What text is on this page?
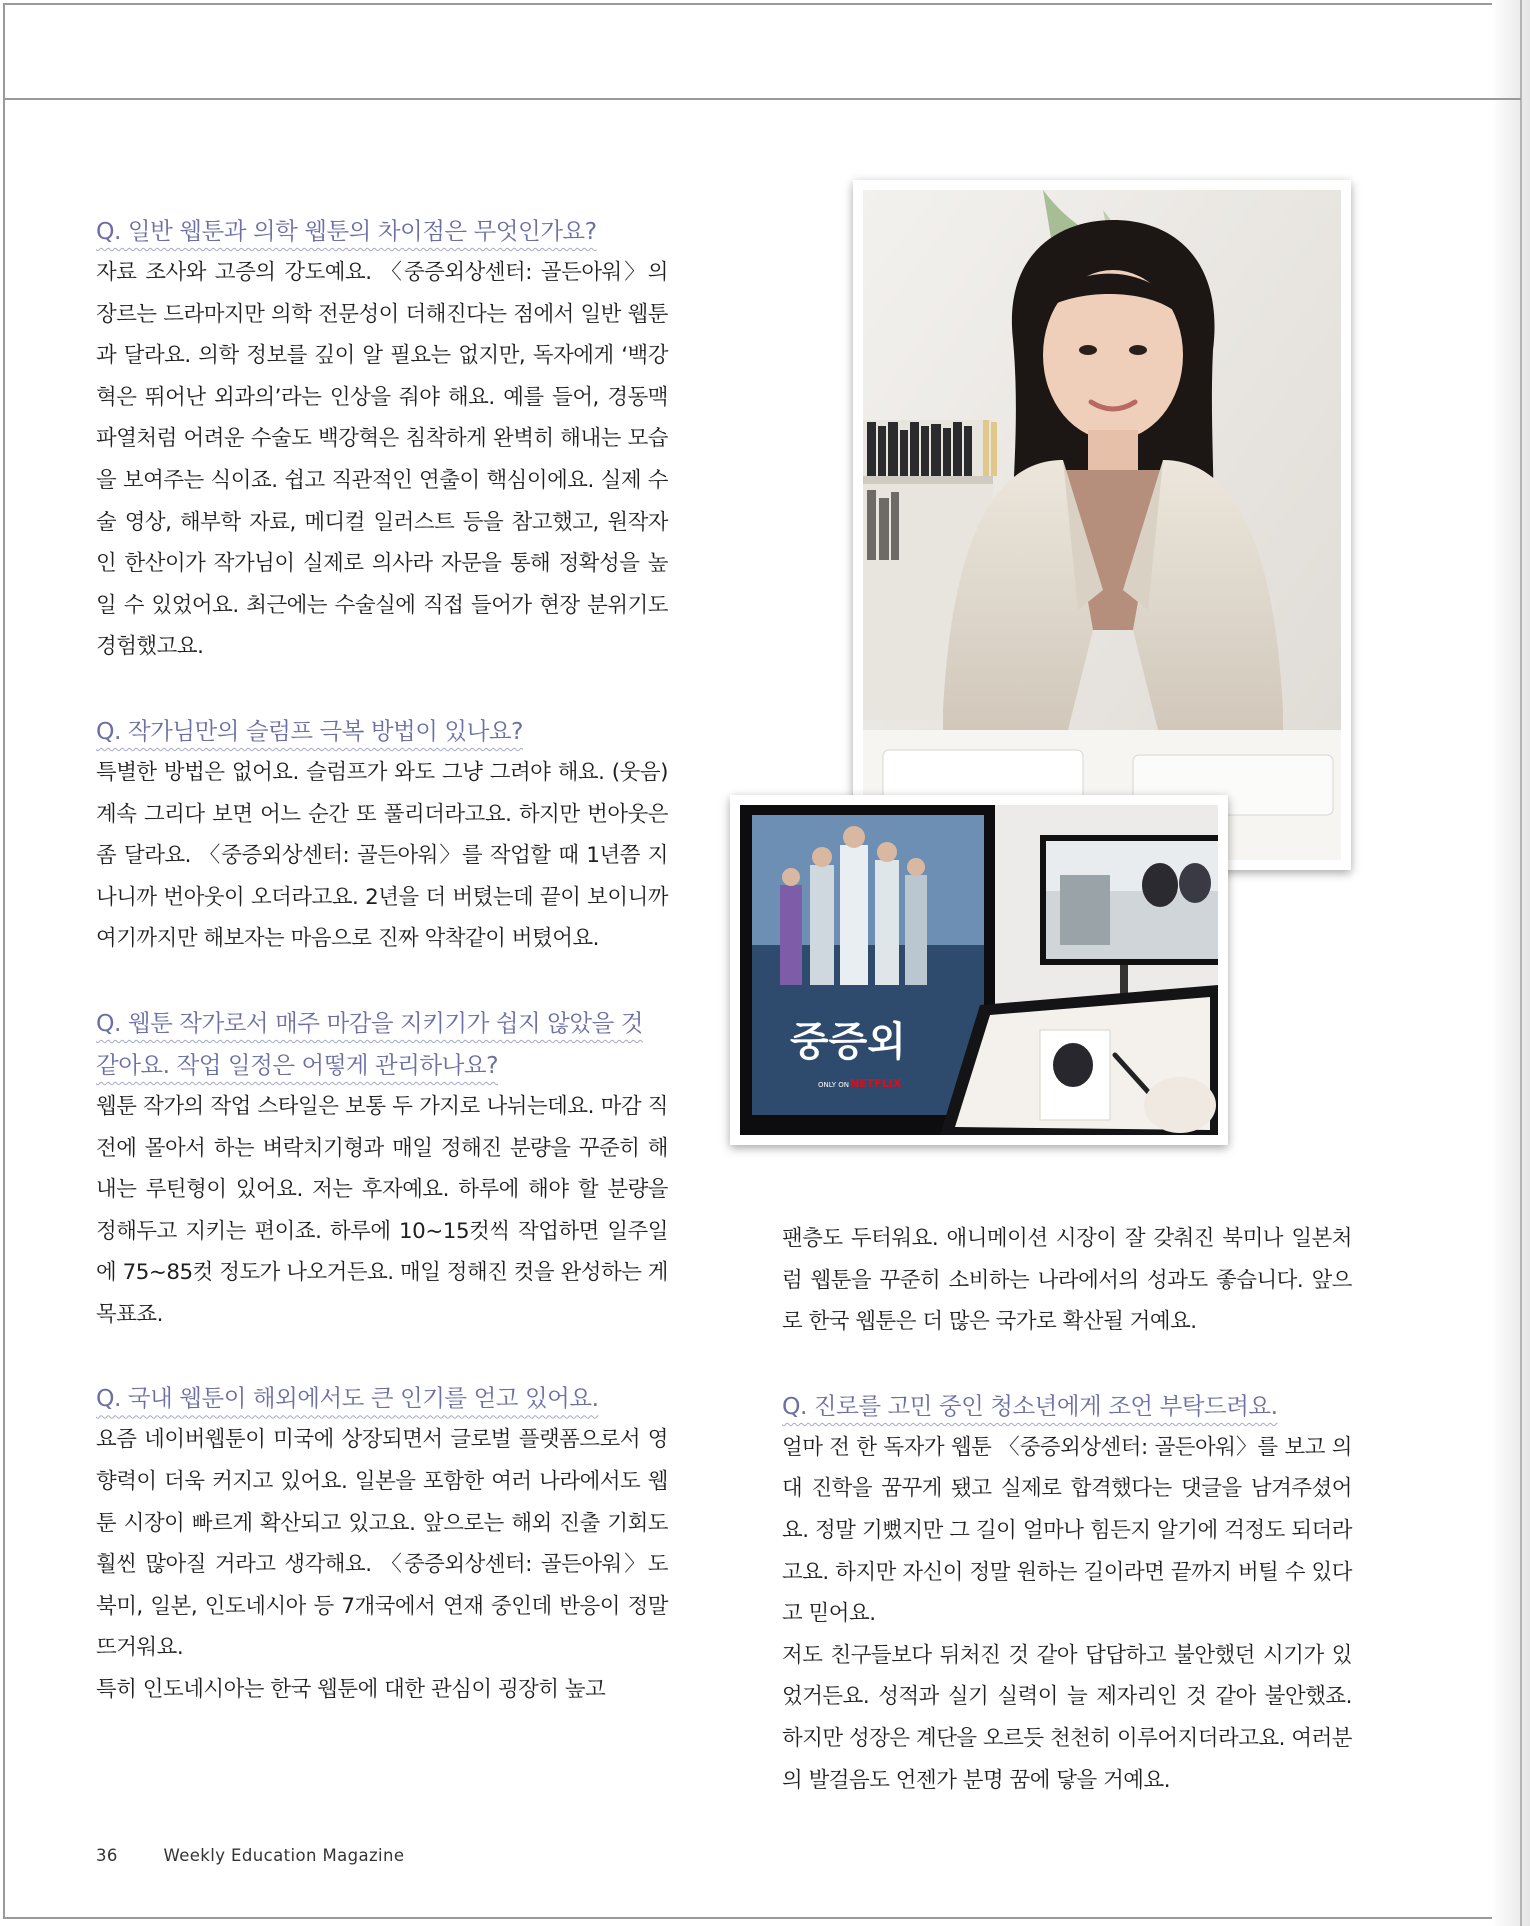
Q. 일반 웹툰과 의학 웹툰의 차이점은 무엇인가요?

자료 조사와 고증의 강도예요. 〈중증외상센터: 골든아워〉의 장르는 드라마지만 의학 전문성이 더해진다는 점에서 일반 웹툰과 달라요. 의학 정보를 깊이 알 필요는 없지만, 독자에게 ‘백강혁은 뛰어난 외과의’라는 인상을 줘야 해요. 예를 들어, 경동맥 파열처럼 어려운 수술도 백강혁은 침착하게 완벽히 해내는 모습을 보여주는 식이죠. 쉽고 직관적인 연출이 핵심이에요. 실제 수술 영상, 해부학 자료, 메디컬 일러스트 등을 참고했고, 원작자인 한산이가 작가님이 실제로 의사라 자문을 통해 정확성을 높일 수 있었어요. 최근에는 수술실에 직접 들어가 현장 분위기도 경험했고요.

Q. 작가님만의 슬럼프 극복 방법이 있나요?

특별한 방법은 없어요. 슬럼프가 와도 그냥 그려야 해요. (웃음) 계속 그리다 보면 어느 순간 또 풀리더라고요. 하지만 번아웃은 좀 달라요. 〈중증외상센터: 골든아워〉를 작업할 때 1년쯤 지나니까 번아웃이 오더라고요. 2년을 더 버텼는데 끝이 보이니까 여기까지만 해보자는 마음으로 진짜 악착같이 버텼어요.

Q. 웹툰 작가로서 매주 마감을 지키기가 쉽지 않았을 것 같아요. 작업 일정은 어떻게 관리하나요?

웹툰 작가의 작업 스타일은 보통 두 가지로 나뉘는데요. 마감 직전에 몰아서 하는 벼락치기형과 매일 정해진 분량을 꾸준히 해내는 루틴형이 있어요. 저는 후자예요. 하루에 해야 할 분량을 정해두고 지키는 편이죠. 하루에 10~15컷씩 작업하면 일주일에 75~85컷 정도가 나오거든요. 매일 정해진 컷을 완성하는 게 목표죠.

Q. 국내 웹툰이 해외에서도 큰 인기를 얻고 있어요.

요즘 네이버웹툰이 미국에 상장되면서 글로벌 플랫폼으로서 영향력이 더욱 커지고 있어요. 일본을 포함한 여러 나라에서도 웹툰 시장이 빠르게 확산되고 있고요. 앞으로는 해외 진출 기회도 훨씬 많아질 거라고 생각해요. 〈중증외상센터: 골든아워〉도 북미, 일본, 인도네시아 등 7개국에서 연재 중인데 반응이 정말 뜨거워요.

특히 인도네시아는 한국 웹툰에 대한 관심이 굉장히 높고

팬층도 두터워요. 애니메이션 시장이 잘 갖춰진 북미나 일본처럼 웹툰을 꾸준히 소비하는 나라에서의 성과도 좋습니다. 앞으로 한국 웹툰은 더 많은 국가로 확산될 거예요.

Q. 진로를 고민 중인 청소년에게 조언 부탁드려요.

얼마 전 한 독자가 웹툰 〈중증외상센터: 골든아워〉를 보고 의대 진학을 꿈꾸게 됐고 실제로 합격했다는 댓글을 남겨주셨어요. 정말 기뻤지만 그 길이 얼마나 힘든지 알기에 걱정도 되더라고요. 하지만 자신이 정말 원하는 길이라면 끝까지 버틸 수 있다고 믿어요.

저도 친구들보다 뒤처진 것 같아 답답하고 불안했던 시기가 있었거든요. 성적과 실기 실력이 늘 제자리인 것 같아 불안했죠. 하지만 성장은 계단을 오르듯 천천히 이루어지더라고요. 여러분의 발걸음도 언젠가 분명 꿈에 닿을 거예요.

중증외
ONLY ON NETFLIX
36	Weekly Education Magazine
